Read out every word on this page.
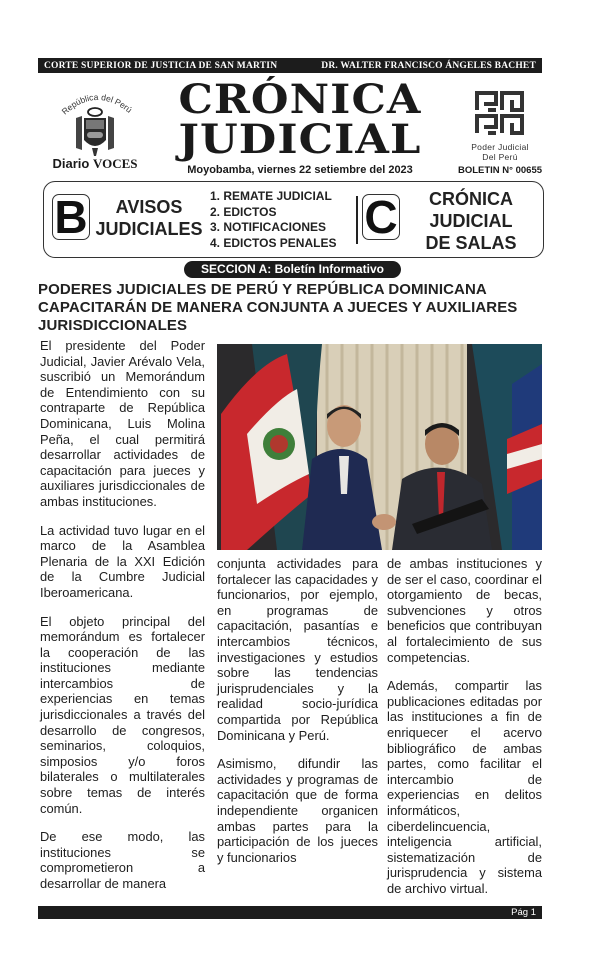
CORTE SUPERIOR DE JUSTICIA DE SAN MARTIN	DR. WALTER FRANCISCO ÁNGELES BACHET
República del Perú
Diario VOCES
CRÓNICA
JUDICIAL
Moyobamba, viernes 22 setiembre del 2023
Poder Judicial
Del Perú
BOLETIN N° 00655
B	AVISOS
JUDICIALES
1. REMATE JUDICIAL
2. EDICTOS
3. NOTIFICACIONES
4. EDICTOS PENALES C	CRÓNICA
JUDICIAL
DE SALAS
SECCION A: Boletín Informativo
PODERES JUDICIALES DE PERÚ Y REPÚBLICA DOMINICANA CAPACITARÁN DE MANERA CONJUNTA A JUECES Y AUXILIARES JURISDICCIONALES

El presidente del Poder Judicial, Javier Arévalo Vela, suscribió un Memorándum de Entendimiento con su contraparte de República Dominicana, Luis Molina Peña, el cual permitirá desarrollar actividades de capacitación para jueces y auxiliares jurisdiccionales de ambas instituciones.

La actividad tuvo lugar en el marco de la Asamblea Plenaria de la XXI Edición de la Cumbre Judicial Iberoamericana.

El objeto principal del memorándum es fortalecer la cooperación de las instituciones mediante intercambios de experiencias en temas jurisdiccionales a través del desarrollo de congresos, seminarios, coloquios, simposios y/o foros bilaterales o multilaterales sobre temas de interés común.

De ese modo, las instituciones se comprometieron a desarrollar de manera

conjunta actividades para fortalecer las capacidades y funcionarios, por ejemplo, en programas de capacitación, pasantías e intercambios técnicos, investigaciones y estudios sobre las tendencias jurisprudenciales y la realidad socio-jurídica compartida por República Dominicana y Perú.

Asimismo, difundir las actividades y programas de capacitación que de forma independiente organicen ambas partes para la participación de los jueces y funcionarios

de ambas instituciones y de ser el caso, coordinar el otorgamiento de becas, subvenciones y otros beneficios que contribuyan al fortalecimiento de sus competencias.

Además, compartir las publicaciones editadas por las instituciones a fin de enriquecer el acervo bibliográfico de ambas partes, como facilitar el intercambio de experiencias en delitos informáticos, ciberdelincuencia, inteligencia artificial, sistematización de jurisprudencia y sistema de archivo virtual.

Pág 1
